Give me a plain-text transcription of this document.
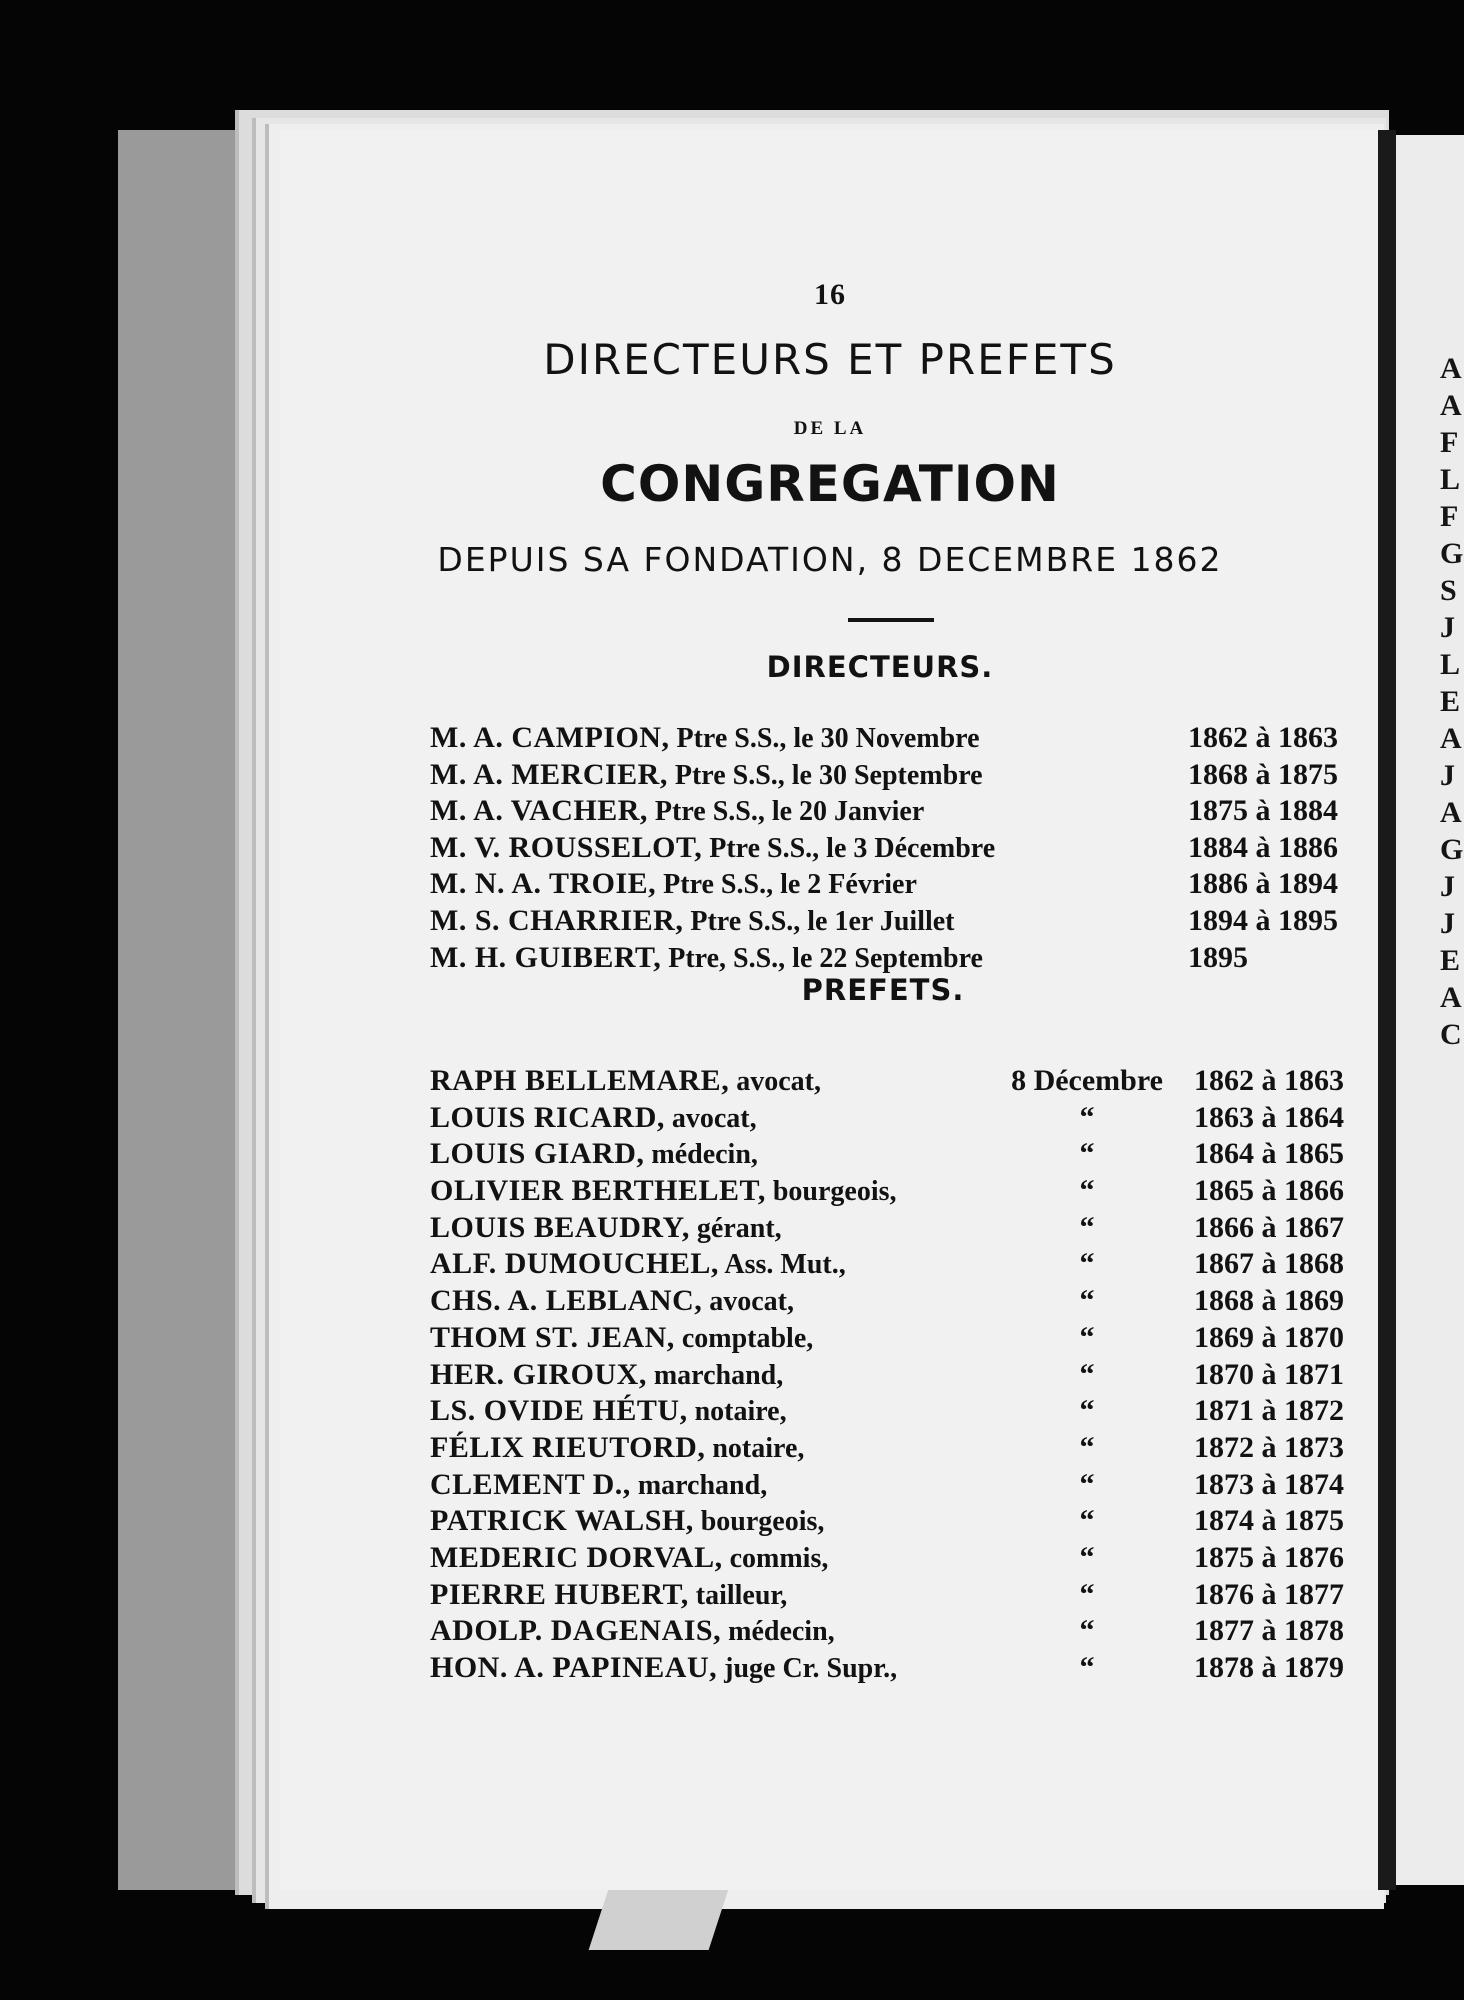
16
DIRECTEURS ET PREFETS
DE LA
CONGREGATION
DEPUIS SA FONDATION, 8 DECEMBRE 1862
DIRECTEURS.
M. A. CAMPION, Ptre S.S., le 30 Novembre	1862 à 1863
M. A. MERCIER, Ptre S.S., le 30 Septembre	1868 à 1875
M. A. VACHER, Ptre S.S., le 20 Janvier	1875 à 1884
M. V. ROUSSELOT, Ptre S.S., le 3 Décembre	1884 à 1886
M. N. A. TROIE, Ptre S.S., le 2 Février	1886 à 1894
M. S. CHARRIER, Ptre S.S., le 1er Juillet	1894 à 1895
M. H. GUIBERT, Ptre, S.S., le 22 Septembre	1895
PREFETS.
RAPH BELLEMARE, avocat,	8 Décembre	1862 à 1863
LOUIS RICARD, avocat,	“	1863 à 1864
LOUIS GIARD, médecin,	“	1864 à 1865
OLIVIER BERTHELET, bourgeois,	“	1865 à 1866
LOUIS BEAUDRY, gérant,	“	1866 à 1867
ALF. DUMOUCHEL, Ass. Mut.,	“	1867 à 1868
CHS. A. LEBLANC, avocat,	“	1868 à 1869
THOM ST. JEAN, comptable,	“	1869 à 1870
HER. GIROUX, marchand,	“	1870 à 1871
LS. OVIDE HÉTU, notaire,	“	1871 à 1872
FÉLIX RIEUTORD, notaire,	“	1872 à 1873
CLEMENT D., marchand,	“	1873 à 1874
PATRICK WALSH, bourgeois,	“	1874 à 1875
MEDERIC DORVAL, commis,	“	1875 à 1876
PIERRE HUBERT, tailleur,	“	1876 à 1877
ADOLP. DAGENAIS, médecin,	“	1877 à 1878
HON. A. PAPINEAU, juge Cr. Supr.,	“	1878 à 1879
A
A
F
L
F
G
S
J
L
E
A
J
A
G
J
J
E
A
C
